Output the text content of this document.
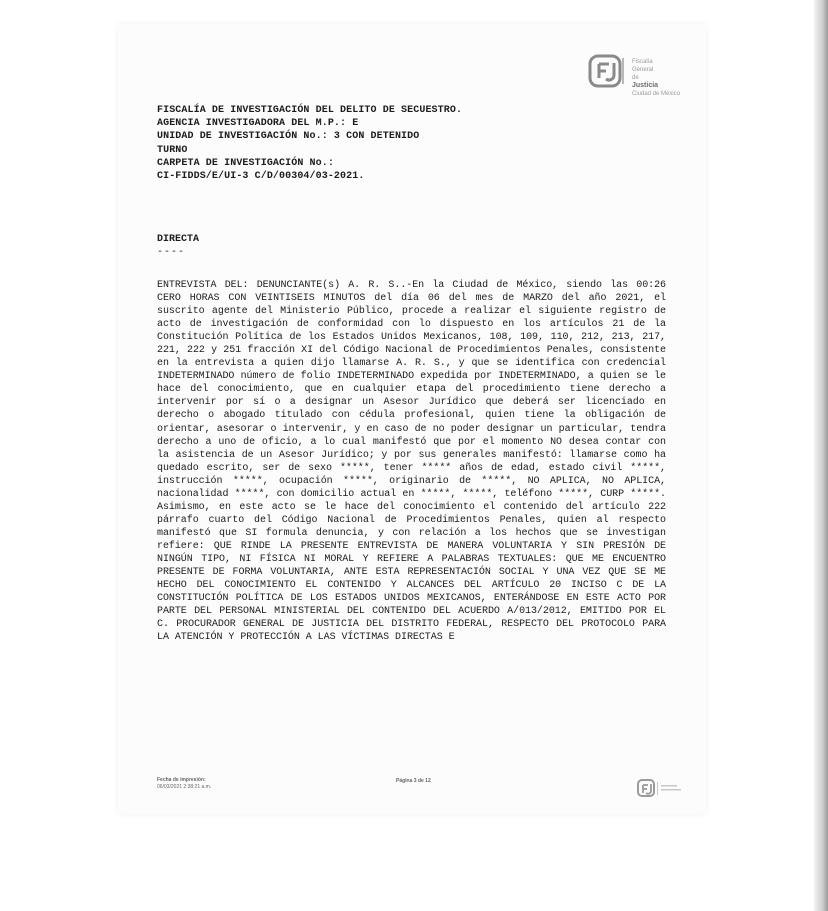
Fiscalía
General
de
Justicia
Ciudad de México
FISCALÍA DE INVESTIGACIÓN DEL DELITO DE SECUESTRO.
AGENCIA INVESTIGADORA DEL M.P.: E
UNIDAD DE INVESTIGACIÓN No.: 3 CON DETENIDO
TURNO
CARPETA DE INVESTIGACIÓN No.:
CI-FIDDS/E/UI-3 C/D/00304/03-2021.
DIRECTA
----
ENTREVISTA DEL: DENUNCIANTE(s) A. R. S..-En la Ciudad de México, siendo las 00:26 CERO HORAS CON VEINTISEIS MINUTOS del día 06 del mes de MARZO del año 2021, el suscrito agente del Ministerio Público, procede a realizar el siguiente registro de acto de investigación de conformidad con lo dispuesto en los artículos 21 de la Constitución Política de los Estados Unidos Mexicanos, 108, 109, 110, 212, 213, 217, 221, 222 y 251 fracción XI del Código Nacional de Procedimientos Penales, consistente en la entrevista a quien dijo llamarse A. R. S., y que se identifica con credencial INDETERMINADO número de folio INDETERMINADO expedida por INDETERMINADO, a quien se le hace del conocimiento, que en cualquier etapa del procedimiento tiene derecho a intervenir por sí o a designar un Asesor Jurídico que deberá ser licenciado en derecho o abogado titulado con cédula profesional, quien tiene la obligación de orientar, asesorar o intervenir, y en caso de no poder designar un particular, tendra derecho a uno de oficio, a lo cual manifestó que por el momento NO desea contar con la asistencia de un Asesor Jurídico; y por sus generales manifestó: llamarse como ha quedado escrito, ser de sexo *****, tener ***** años de edad, estado civil *****, instrucción *****, ocupación *****, originario de *****, NO APLICA, NO APLICA, nacionalidad *****, con domicilio actual en *****, *****, teléfono *****, CURP *****. Asimismo, en este acto se le hace del conocimiento el contenido del artículo 222 párrafo cuarto del Código Nacional de Procedimientos Penales, quien al respecto manifestó que SI formula denuncia, y con relación a los hechos que se investigan refiere: QUE RINDE LA PRESENTE ENTREVISTA DE MANERA VOLUNTARIA Y SIN PRESIÓN DE NINGÚN TIPO, NI FÍSICA NI MORAL Y REFIERE A PALABRAS TEXTUALES: QUE ME ENCUENTRO PRESENTE DE FORMA VOLUNTARIA, ANTE ESTA REPRESENTACIÓN SOCIAL Y UNA VEZ QUE SE ME HECHO DEL CONOCIMIENTO EL CONTENIDO Y ALCANCES DEL ARTÍCULO 20 INCISO C DE LA CONSTITUCIÓN POLÍTICA DE LOS ESTADOS UNIDOS MEXICANOS, ENTERÁNDOSE EN ESTE ACTO POR PARTE DEL PERSONAL MINISTERIAL DEL CONTENIDO DEL ACUERDO A/013/2012, EMITIDO POR EL C. PROCURADOR GENERAL DE JUSTICIA DEL DISTRITO FEDERAL, RESPECTO DEL PROTOCOLO PARA LA ATENCIÓN Y PROTECCIÓN A LAS VÍCTIMAS DIRECTAS E
Fecha de impresión:
06/03/2021 2:38:21 a.m.
Página 3 de 12
